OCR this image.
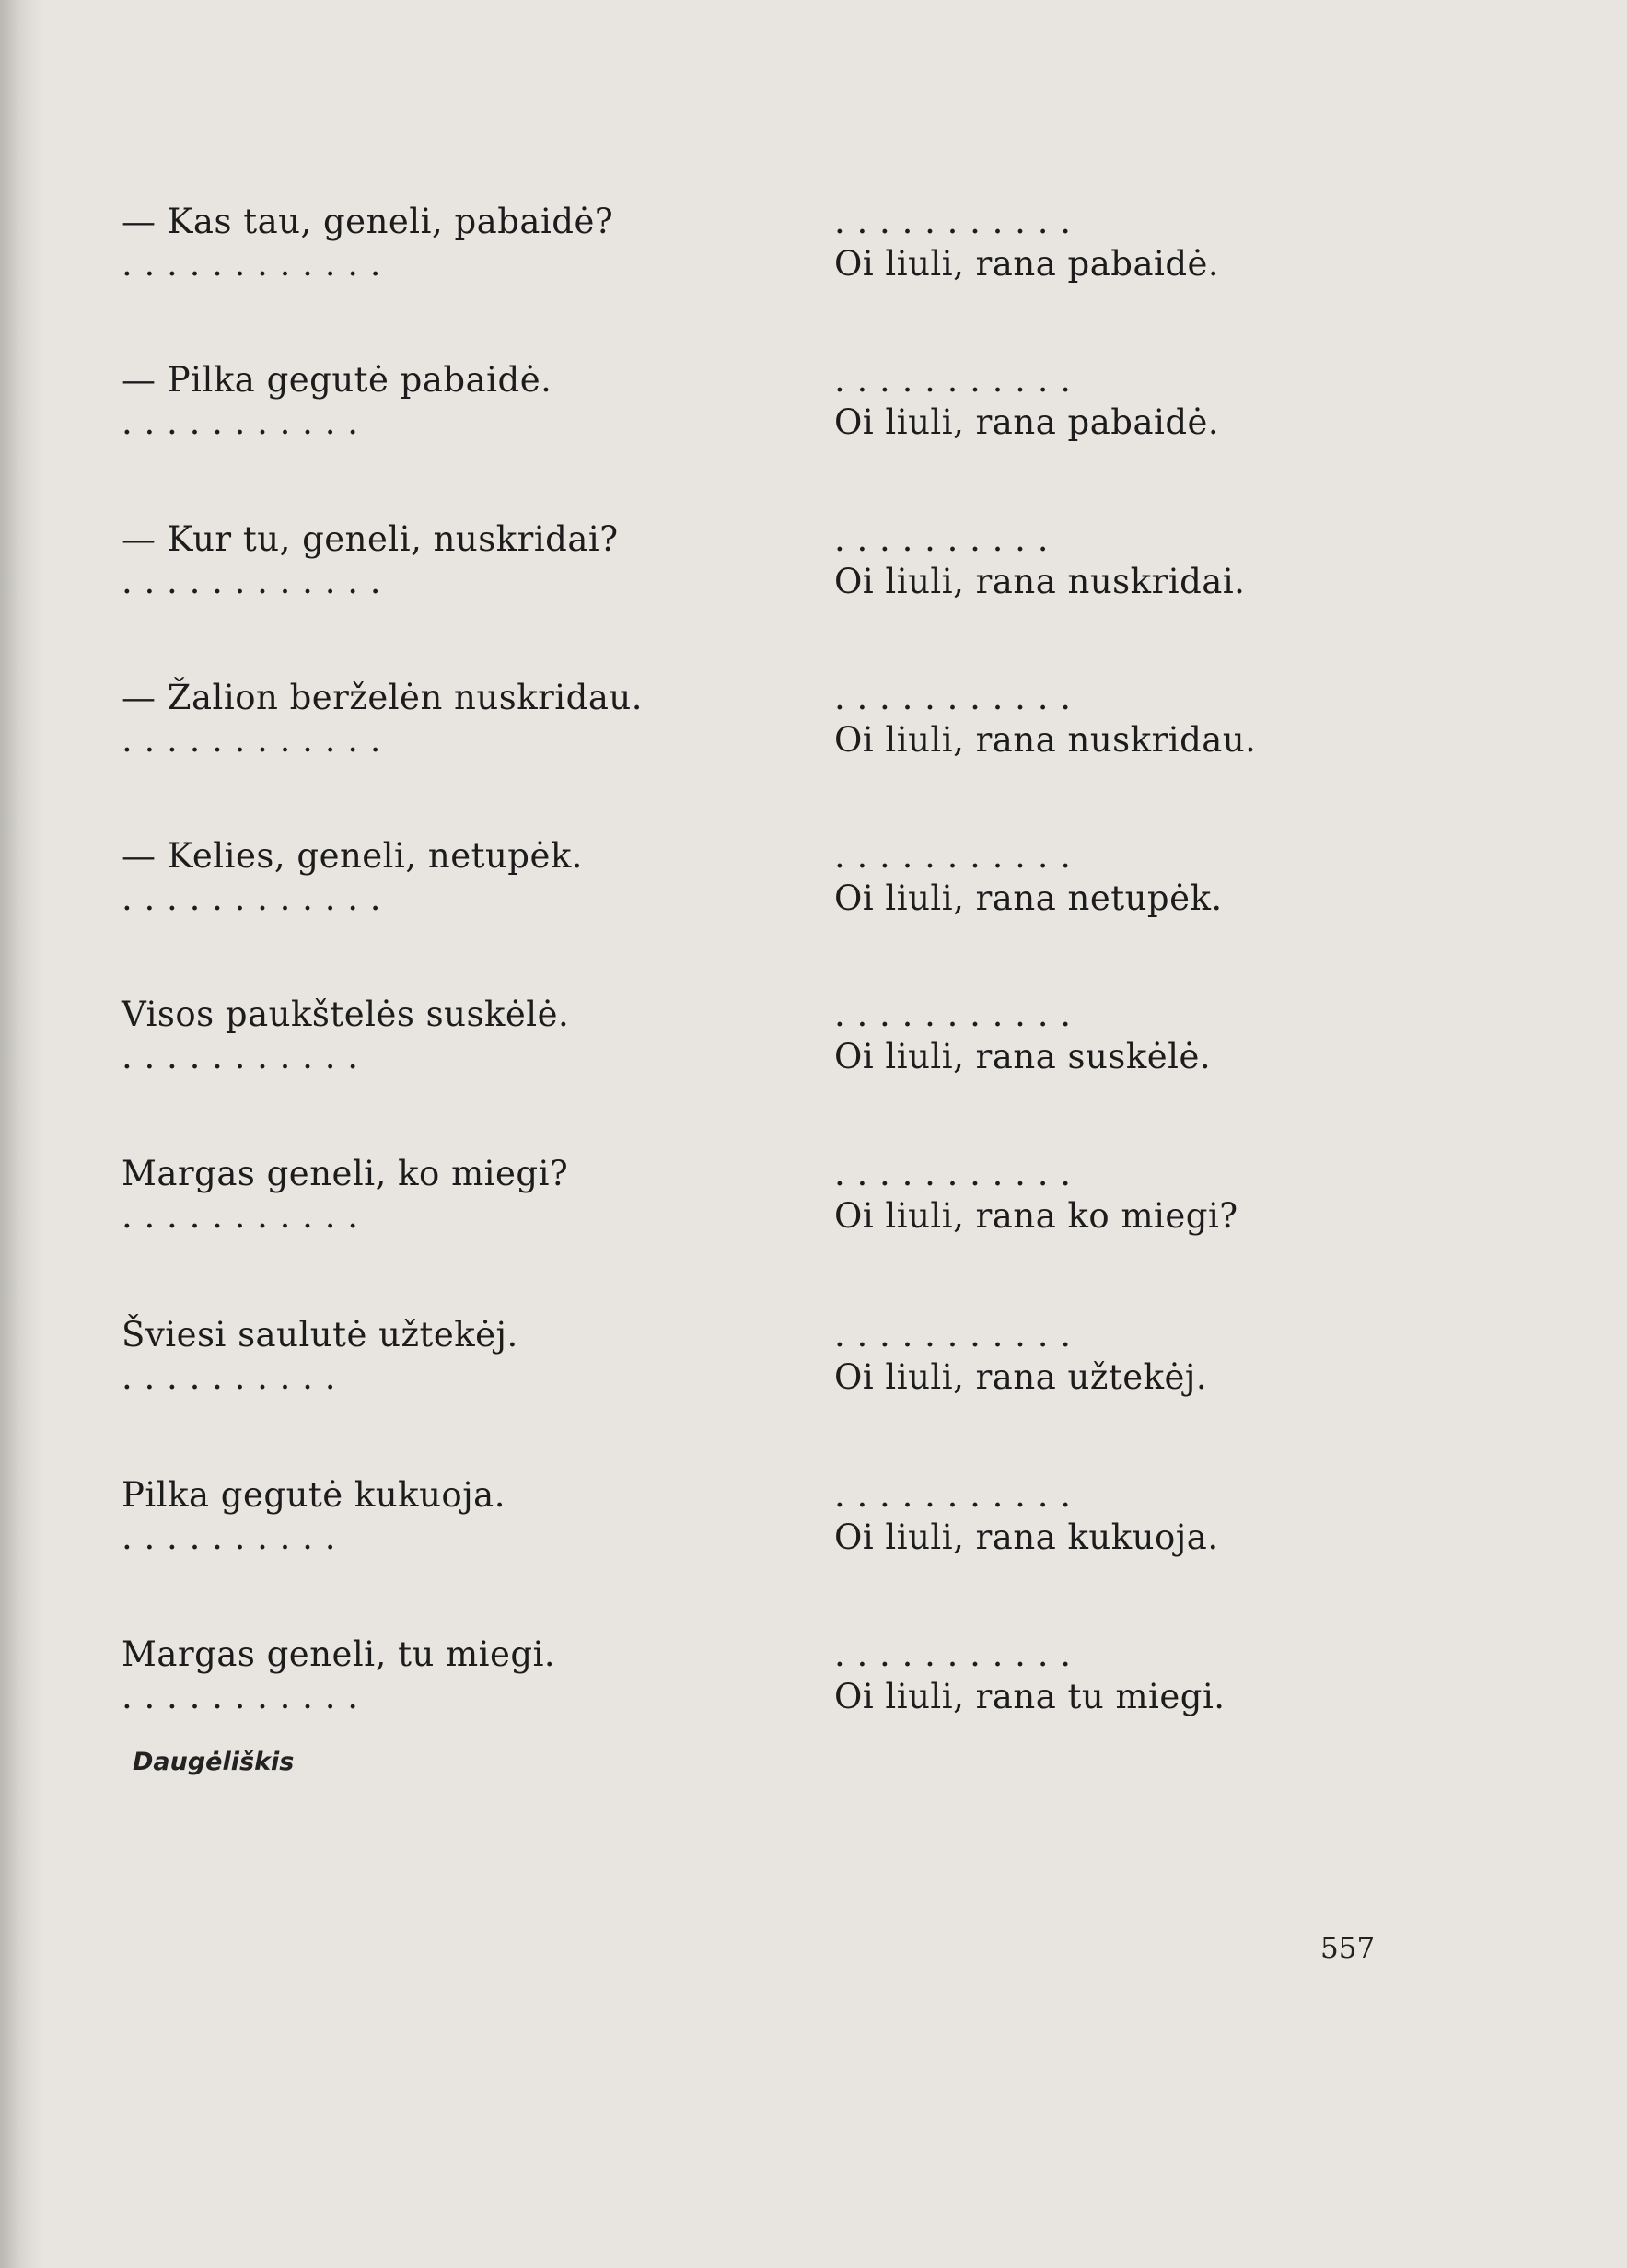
— Kas tau, geneli, pabaidė?
. . . . . . . . . . . .
. . . . . . . . . . .
Oi liuli, rana pabaidė.
— Pilka gegutė pabaidė.
. . . . . . . . . . .
. . . . . . . . . . .
Oi liuli, rana pabaidė.
— Kur tu, geneli, nuskridai?
. . . . . . . . . . . .
. . . . . . . . . .
Oi liuli, rana nuskridai.
— Žalion berželėn nuskridau.
. . . . . . . . . . . .
. . . . . . . . . . .
Oi liuli, rana nuskridau.
— Kelies, geneli, netupėk.
. . . . . . . . . . . .
. . . . . . . . . . .
Oi liuli, rana netupėk.
Visos paukštelės suskėlė.
. . . . . . . . . . .
. . . . . . . . . . .
Oi liuli, rana suskėlė.
Margas geneli, ko miegi?
. . . . . . . . . . .
. . . . . . . . . . .
Oi liuli, rana ko miegi?
Šviesi saulutė užtekėj.
. . . . . . . . . .
. . . . . . . . . . .
Oi liuli, rana užtekėj.
Pilka gegutė kukuoja.
. . . . . . . . . .
. . . . . . . . . . .
Oi liuli, rana kukuoja.
Margas geneli, tu miegi.
. . . . . . . . . . .
. . . . . . . . . . .
Oi liuli, rana tu miegi.
Daugėliškis
557
